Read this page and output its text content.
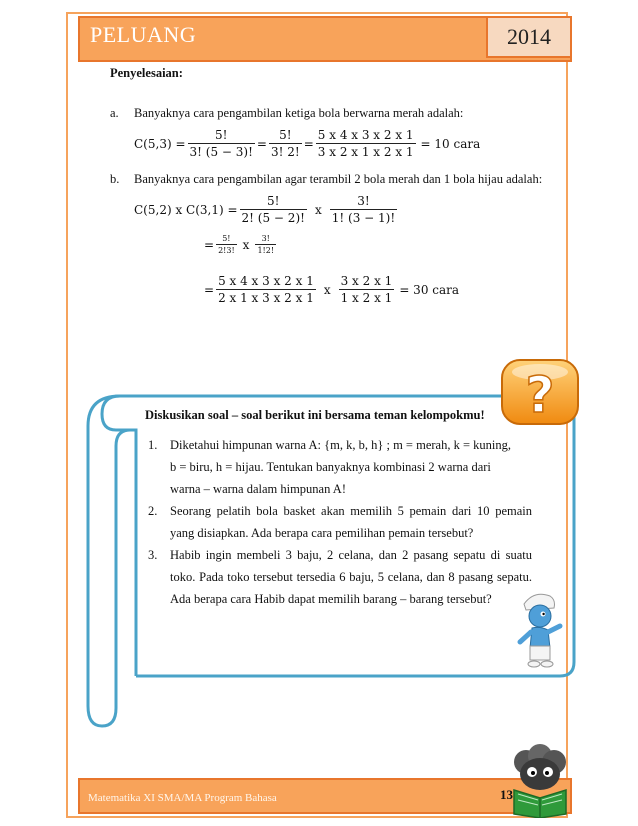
PELUANG	2014
Penyelesaian:
a. Banyaknya cara pengambilan ketiga bola berwarna merah adalah:
$C(5,3) = \frac{5!}{3! (5 - 3)!} = \frac{5!}{3! 2!} = \frac{5 x 4 x 3 x 2 x 1}{3 x 2 x 1 x 2 x 1} = 10$ cara
b. Banyaknya cara pengambilan agar terambil 2 bola merah dan 1 bola hijau adalah:
C(5,2) x $C(3,1) = \frac{5!}{2! (5 - 2)!}$ x $\frac{3!}{1! (3 - 1)!}$
= $\frac{5!}{2!3!}$ x $\frac{3!}{1!2!}$
= $\frac{5 x 4 x 3 x 2 x 1}{2 x 1 x 3 x 2 x 1}$ x $\frac{3 x 2 x 1}{1 x 2 x 1} = 30$ cara
Diskusikan soal – soal berikut ini bersama teman kelompokmu!
1. Diketahui himpunan warna A: {m, k, b, h} ; m = merah, k = kuning,
b = biru, h = hijau. Tentukan banyaknya kombinasi 2 warna dari
warna – warna dalam himpunan A!
2. Seorang pelatih bola basket akan memilih 5 pemain dari 10 pemain
yang disiapkan. Ada berapa cara pemilihan pemain tersebut?
3. Habib ingin membeli 3 baju, 2 celana, dan 2 pasang sepatu di suatu
toko. Pada toko tersebut tersedia 6 baju, 5 celana, dan 8 pasang sepatu.
Ada berapa cara Habib dapat memilih barang – barang tersebut?
?
Matematika XI SMA/MA Program Bahasa	13
